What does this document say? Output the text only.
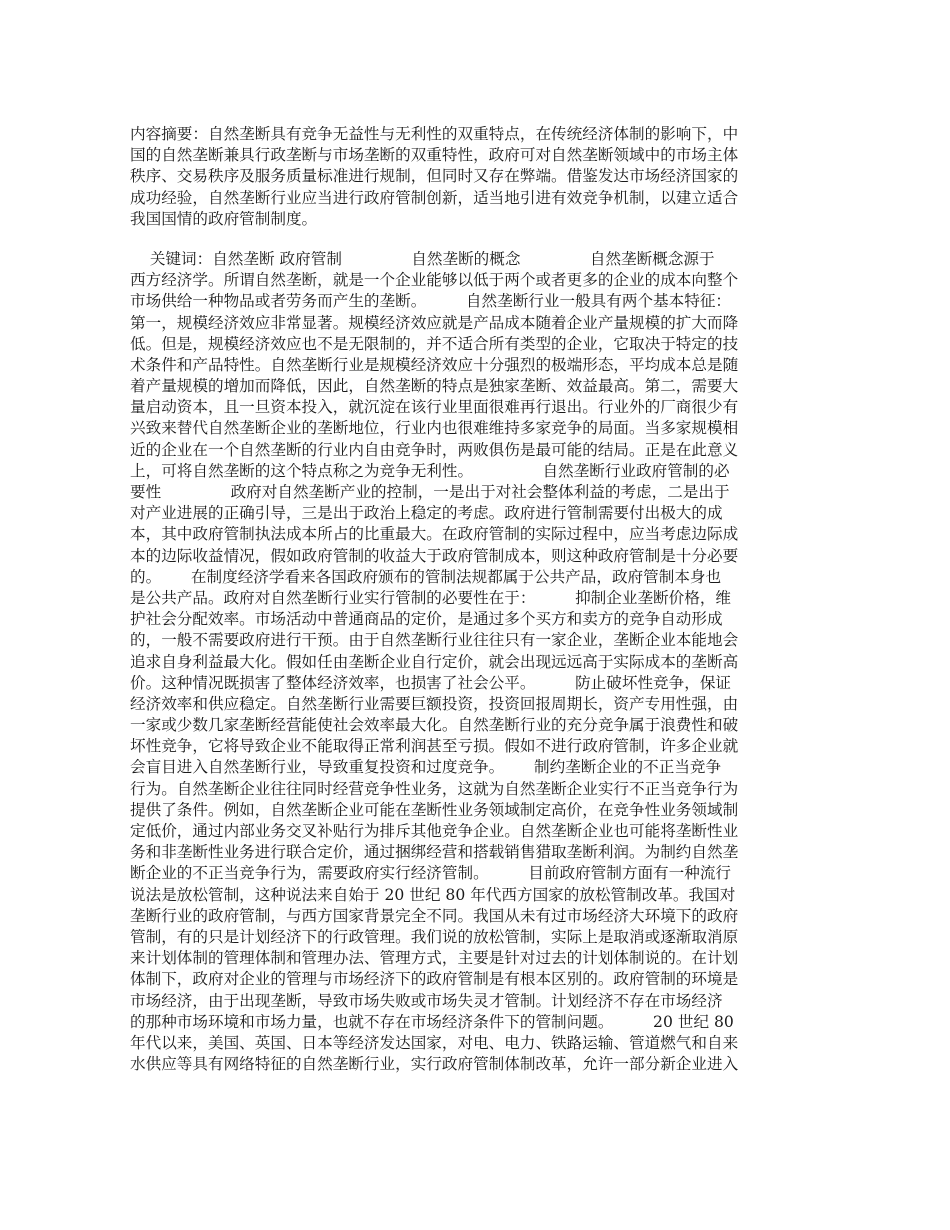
内容摘要：自然垄断具有竞争无益性与无利性的双重特点，在传统经济体制的影响下，中
国的自然垄断兼具行政垄断与市场垄断的双重特性，政府可对自然垄断领域中的市场主体
秩序、交易秩序及服务质量标准进行规制，但同时又存在弊端。借鉴发达市场经济国家的
成功经验，自然垄断行业应当进行政府管制创新，适当地引进有效竞争机制，以建立适合
我国国情的政府管制制度。
关键词：自然垄断 政府管制              自然垄断的概念              自然垄断概念源于
西方经济学。所谓自然垄断，就是一个企业能够以低于两个或者更多的企业的成本向整个
市场供给一种物品或者劳务而产生的垄断。        自然垄断行业一般具有两个基本特征：
第一，规模经济效应非常显著。规模经济效应就是产品成本随着企业产量规模的扩大而降
低。但是，规模经济效应也不是无限制的，并不适合所有类型的企业，它取决于特定的技
术条件和产品特性。自然垄断行业是规模经济效应十分强烈的极端形态，平均成本总是随
着产量规模的增加而降低，因此，自然垄断的特点是独家垄断、效益最高。第二，需要大
量启动资本，且一旦资本投入，就沉淀在该行业里面很难再行退出。行业外的厂商很少有
兴致来替代自然垄断企业的垄断地位，行业内也很难维持多家竞争的局面。当多家规模相
近的企业在一个自然垄断的行业内自由竞争时，两败俱伤是最可能的结局。正是在此意义
上，可将自然垄断的这个特点称之为竞争无利性。              自然垄断行业政府管制的必
要性              政府对自然垄断产业的控制，一是出于对社会整体利益的考虑，二是出于
对产业进展的正确引导，三是出于政治上稳定的考虑。政府进行管制需要付出极大的成
本，其中政府管制执法成本所占的比重最大。在政府管制的实际过程中，应当考虑边际成
本的边际收益情况，假如政府管制的收益大于政府管制成本，则这种政府管制是十分必要
的。      在制度经济学看来各国政府颁布的管制法规都属于公共产品，政府管制本身也
是公共产品。政府对自然垄断行业实行管制的必要性在于：        抑制企业垄断价格，维
护社会分配效率。市场活动中普通商品的定价，是通过多个买方和卖方的竞争自动形成
的，一般不需要政府进行干预。由于自然垄断行业往往只有一家企业，垄断企业本能地会
追求自身利益最大化。假如任由垄断企业自行定价，就会出现远远高于实际成本的垄断高
价。这种情况既损害了整体经济效率，也损害了社会公平。        防止破坏性竞争，保证
经济效率和供应稳定。自然垄断行业需要巨额投资，投资回报周期长，资产专用性强，由
一家或少数几家垄断经营能使社会效率最大化。自然垄断行业的充分竞争属于浪费性和破
坏性竞争，它将导致企业不能取得正常利润甚至亏损。假如不进行政府管制，许多企业就
会盲目进入自然垄断行业，导致重复投资和过度竞争。      制约垄断企业的不正当竞争
行为。自然垄断企业往往同时经营竞争性业务，这就为自然垄断企业实行不正当竞争行为
提供了条件。例如，自然垄断企业可能在垄断性业务领域制定高价，在竞争性业务领域制
定低价，通过内部业务交叉补贴行为排斥其他竞争企业。自然垄断企业也可能将垄断性业
务和非垄断性业务进行联合定价，通过捆绑经营和搭载销售猎取垄断利润。为制约自然垄
断企业的不正当竞争行为，需要政府实行经济管制。        目前政府管制方面有一种流行
说法是放松管制，这种说法来自始于 20 世纪 80 年代西方国家的放松管制改革。我国对
垄断行业的政府管制，与西方国家背景完全不同。我国从未有过市场经济大环境下的政府
管制，有的只是计划经济下的行政管理。我们说的放松管制，实际上是取消或逐渐取消原
来计划体制的管理体制和管理办法、管理方式，主要是针对过去的计划体制说的。在计划
体制下，政府对企业的管理与市场经济下的政府管制是有根本区别的。政府管制的环境是
市场经济，由于出现垄断，导致市场失败或市场失灵才管制。计划经济不存在市场经济
的那种市场环境和市场力量，也就不存在市场经济条件下的管制问题。        20 世纪 80
年代以来，美国、英国、日本等经济发达国家，对电、电力、铁路运输、管道燃气和自来
水供应等具有网络特征的自然垄断行业，实行政府管制体制改革，允许一部分新企业进入
